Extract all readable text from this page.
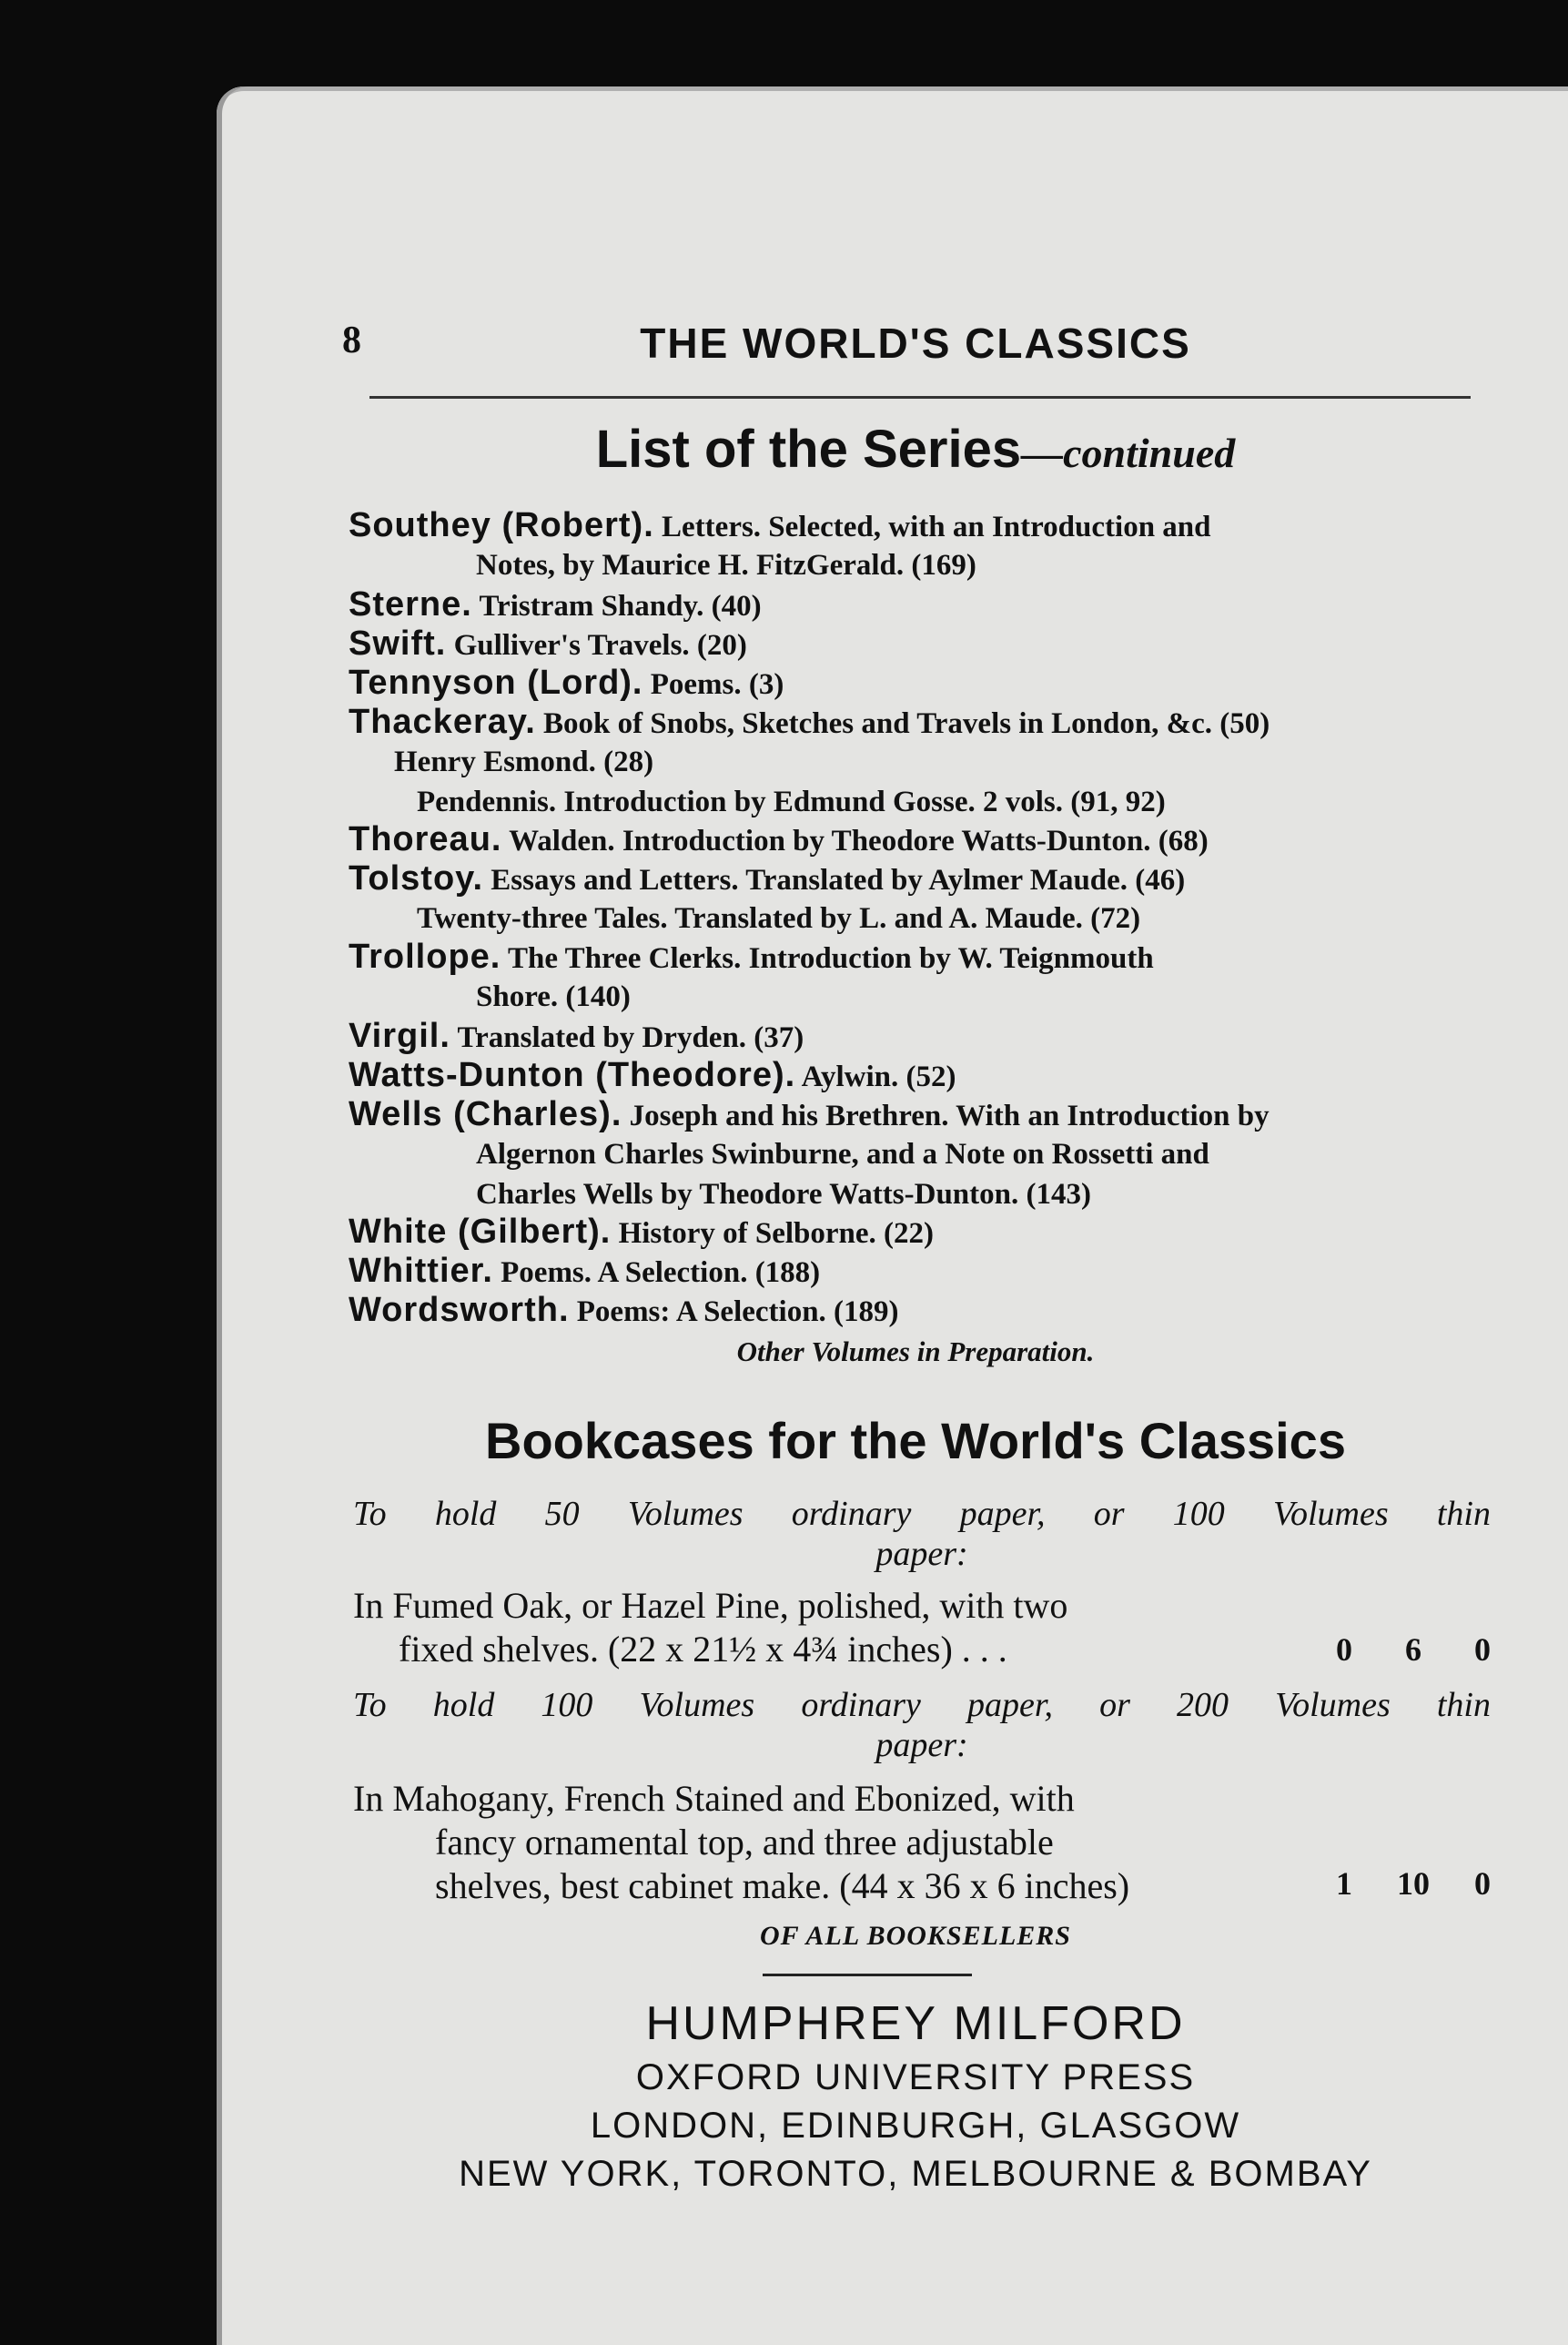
8	THE WORLD'S CLASSICS
List of the Series—continued
Southey (Robert). Letters. Selected, with an Introduction and
Notes, by Maurice H. FitzGerald. (169)
Sterne. Tristram Shandy. (40)
Swift. Gulliver's Travels. (20)
Tennyson (Lord). Poems. (3)
Thackeray. Book of Snobs, Sketches and Travels in London, &c. (50)
Henry Esmond. (28)
Pendennis. Introduction by Edmund Gosse. 2 vols. (91, 92)
Thoreau. Walden. Introduction by Theodore Watts-Dunton. (68)
Tolstoy. Essays and Letters. Translated by Aylmer Maude. (46)
Twenty-three Tales. Translated by L. and A. Maude. (72)
Trollope. The Three Clerks. Introduction by W. Teignmouth
Shore. (140)
Virgil. Translated by Dryden. (37)
Watts-Dunton (Theodore). Aylwin. (52)
Wells (Charles). Joseph and his Brethren. With an Introduction by
Algernon Charles Swinburne, and a Note on Rossetti and
Charles Wells by Theodore Watts-Dunton. (143)
White (Gilbert). History of Selborne. (22)
Whittier. Poems. A Selection. (188)
Wordsworth. Poems: A Selection. (189)
Other Volumes in Preparation.
Bookcases for the World's Classics
To hold 50 Volumes ordinary paper, or 100 Volumes thin
paper:
In Fumed Oak, or Hazel Pine, polished, with two
fixed shelves. (22 x 21½ x 4¾ inches) . . .	0 6 0
To hold 100 Volumes ordinary paper, or 200 Volumes thin
paper:
In Mahogany, French Stained and Ebonized, with
fancy ornamental top, and three adjustable
shelves, best cabinet make. (44 x 36 x 6 inches)	1 10 0
OF ALL BOOKSELLERS
HUMPHREY MILFORD
OXFORD UNIVERSITY PRESS
LONDON, EDINBURGH, GLASGOW
NEW YORK, TORONTO, MELBOURNE & BOMBAY
